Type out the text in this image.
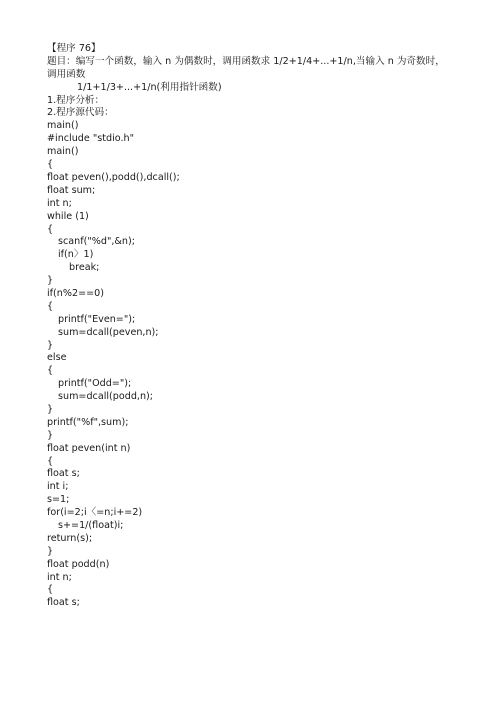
【程序 76】
题目：编写一个函数，输入 n 为偶数时，调用函数求 1/2+1/4+...+1/n,当输入 n 为奇数时，调用函数
1/1+1/3+...+1/n(利用指针函数)
1.程序分析：
2.程序源代码：
main()
#include "stdio.h"
main()
{
float peven(),podd(),dcall();
float sum;
int n;
while (1)
{
scanf("%d",&n);
if(n〉1)
break;
}
if(n%2==0)
{
printf("Even=");
sum=dcall(peven,n);
}
else
{
printf("Odd=");
sum=dcall(podd,n);
}
printf("%f",sum);
}
float peven(int n)
{
float s;
int i;
s=1;
for(i=2;i〈=n;i+=2)
s+=1/(float)i;
return(s);
}
float podd(n)
int n;
{
float s;
